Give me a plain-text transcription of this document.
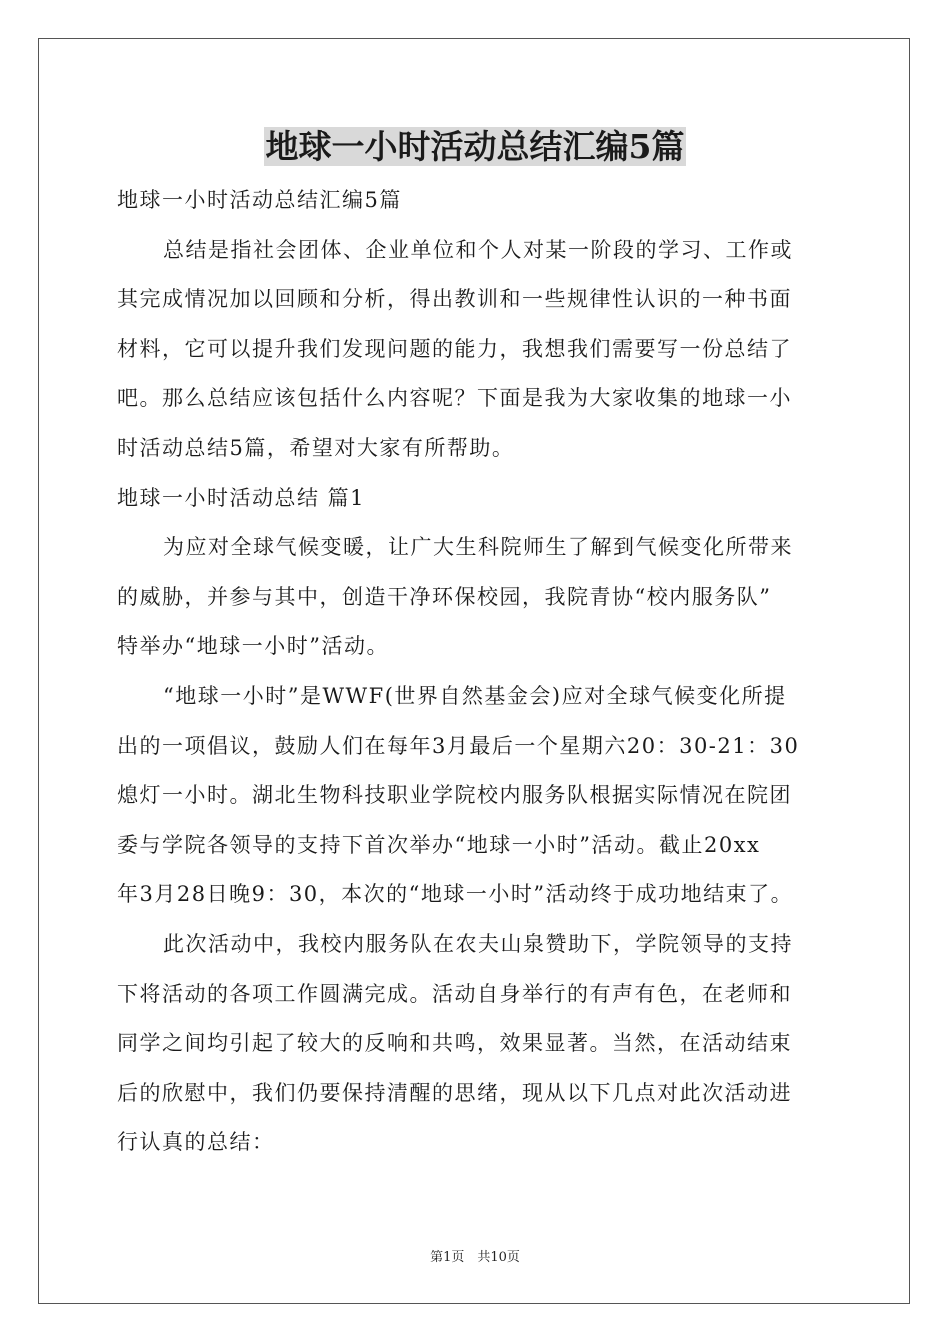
地球一小时活动总结汇编5篇
地球一小时活动总结汇编5篇
总结是指社会团体、企业单位和个人对某一阶段的学习、工作或
其完成情况加以回顾和分析，得出教训和一些规律性认识的一种书面
材料，它可以提升我们发现问题的能力，我想我们需要写一份总结了
吧。那么总结应该包括什么内容呢？下面是我为大家收集的地球一小
时活动总结5篇，希望对大家有所帮助。
地球一小时活动总结 篇1
为应对全球气候变暖，让广大生科院师生了解到气候变化所带来
的威胁，并参与其中，创造干净环保校园，我院青协“校内服务队”
特举办“地球一小时”活动。
“地球一小时”是WWF(世界自然基金会)应对全球气候变化所提
出的一项倡议，鼓励人们在每年3月最后一个星期六20：30-21：30
熄灯一小时。湖北生物科技职业学院校内服务队根据实际情况在院团
委与学院各领导的支持下首次举办“地球一小时”活动。截止20xx
年3月28日晚9：30，本次的“地球一小时”活动终于成功地结束了。
此次活动中，我校内服务队在农夫山泉赞助下，学院领导的支持
下将活动的各项工作圆满完成。活动自身举行的有声有色，在老师和
同学之间均引起了较大的反响和共鸣，效果显著。当然，在活动结束
后的欣慰中，我们仍要保持清醒的思绪，现从以下几点对此次活动进
行认真的总结：
第1页　共10页
